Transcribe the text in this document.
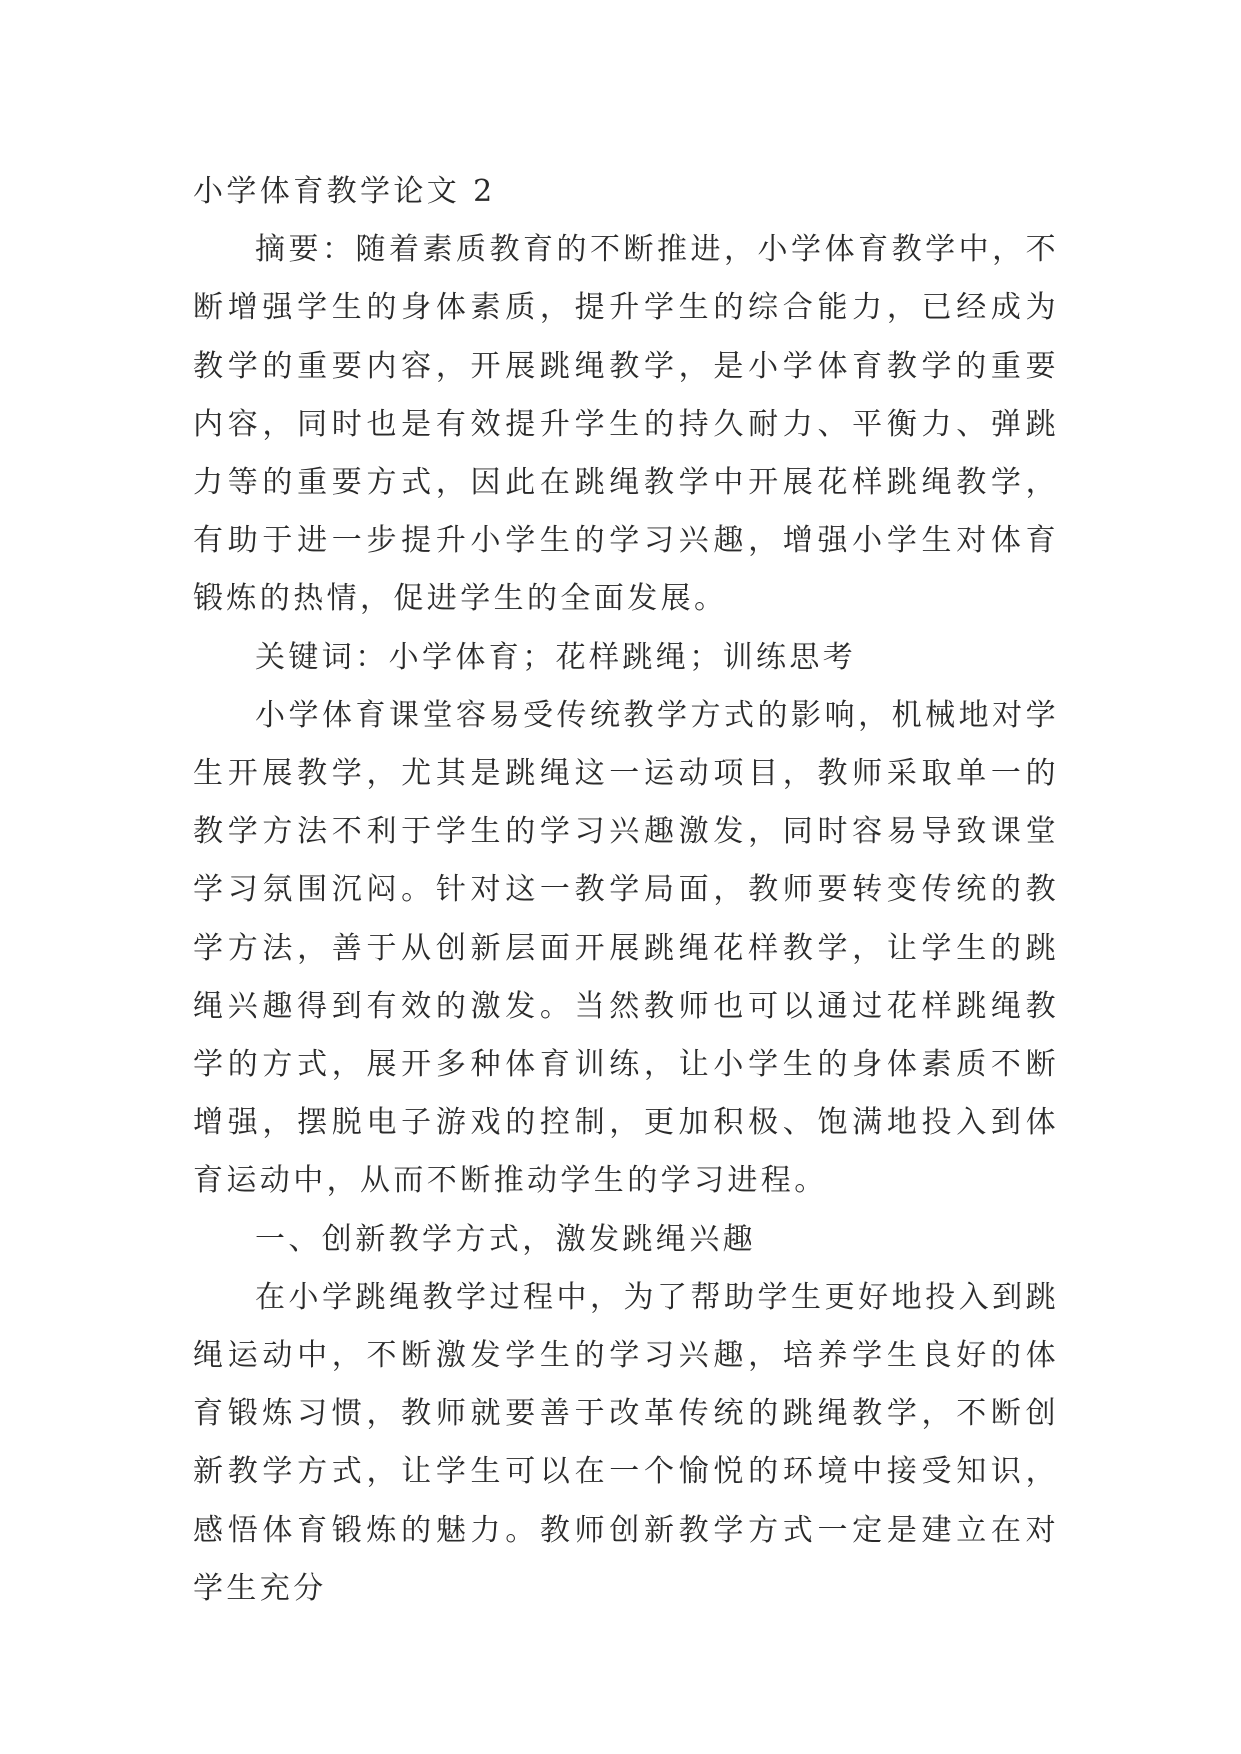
小学体育教学论文 2

摘要：随着素质教育的不断推进，小学体育教学中，不断增强学生的身体素质，提升学生的综合能力，已经成为教学的重要内容，开展跳绳教学，是小学体育教学的重要内容，同时也是有效提升学生的持久耐力、平衡力、弹跳力等的重要方式，因此在跳绳教学中开展花样跳绳教学，有助于进一步提升小学生的学习兴趣，增强小学生对体育锻炼的热情，促进学生的全面发展。

关键词：小学体育；花样跳绳；训练思考

小学体育课堂容易受传统教学方式的影响，机械地对学生开展教学，尤其是跳绳这一运动项目，教师采取单一的教学方法不利于学生的学习兴趣激发，同时容易导致课堂学习氛围沉闷。针对这一教学局面，教师要转变传统的教学方法，善于从创新层面开展跳绳花样教学，让学生的跳绳兴趣得到有效的激发。当然教师也可以通过花样跳绳教学的方式，展开多种体育训练，让小学生的身体素质不断增强，摆脱电子游戏的控制，更加积极、饱满地投入到体育运动中，从而不断推动学生的学习进程。

一、创新教学方式，激发跳绳兴趣

在小学跳绳教学过程中，为了帮助学生更好地投入到跳绳运动中，不断激发学生的学习兴趣，培养学生良好的体育锻炼习惯，教师就要善于改革传统的跳绳教学，不断创新教学方式，让学生可以在一个愉悦的环境中接受知识，感悟体育锻炼的魅力。教师创新教学方式一定是建立在对学生充分
